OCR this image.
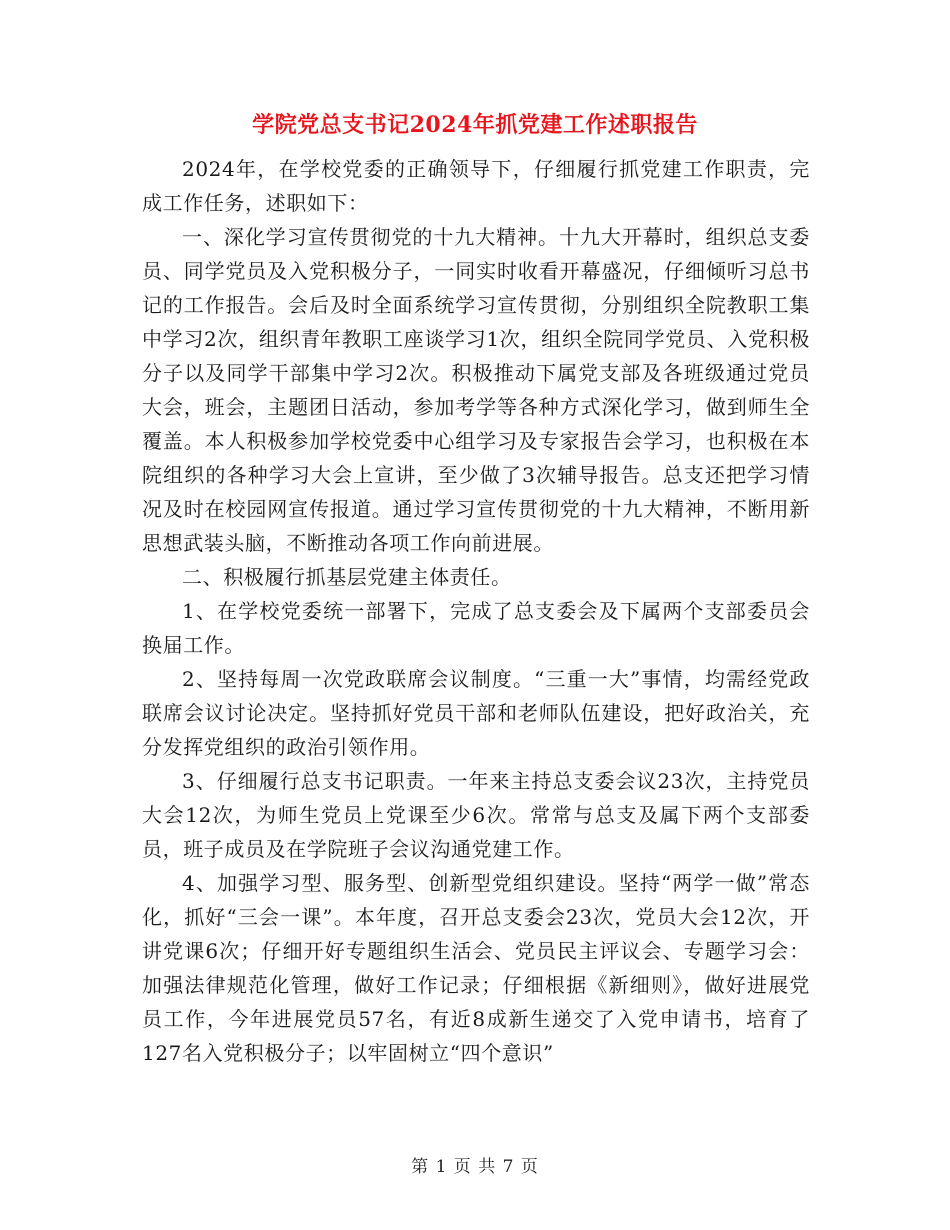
学院党总支书记2024年抓党建工作述职报告

2024年，在学校党委的正确领导下，仔细履行抓党建工作职责，完成工作任务，述职如下：

一、深化学习宣传贯彻党的十九大精神。十九大开幕时，组织总支委员、同学党员及入党积极分子，一同实时收看开幕盛况，仔细倾听习总书记的工作报告。会后及时全面系统学习宣传贯彻，分别组织全院教职工集中学习2次，组织青年教职工座谈学习1次，组织全院同学党员、入党积极分子以及同学干部集中学习2次。积极推动下属党支部及各班级通过党员大会，班会，主题团日活动，参加考学等各种方式深化学习，做到师生全覆盖。本人积极参加学校党委中心组学习及专家报告会学习，也积极在本院组织的各种学习大会上宣讲，至少做了3次辅导报告。总支还把学习情况及时在校园网宣传报道。通过学习宣传贯彻党的十九大精神，不断用新思想武装头脑，不断推动各项工作向前进展。

二、积极履行抓基层党建主体责任。

1、在学校党委统一部署下，完成了总支委会及下属两个支部委员会换届工作。

2、坚持每周一次党政联席会议制度。“三重一大”事情，均需经党政联席会议讨论决定。坚持抓好党员干部和老师队伍建设，把好政治关，充分发挥党组织的政治引领作用。

3、仔细履行总支书记职责。一年来主持总支委会议23次，主持党员大会12次，为师生党员上党课至少6次。常常与总支及属下两个支部委员，班子成员及在学院班子会议沟通党建工作。

4、加强学习型、服务型、创新型党组织建设。坚持“两学一做”常态化，抓好“三会一课”。本年度，召开总支委会23次，党员大会12次，开讲党课6次；仔细开好专题组织生活会、党员民主评议会、专题学习会：加强法律规范化管理，做好工作记录；仔细根据《新细则》，做好进展党员工作，今年进展党员57名，有近8成新生递交了入党申请书，培育了127名入党积极分子；以牢固树立“四个意识”

第 1 页 共 7 页
